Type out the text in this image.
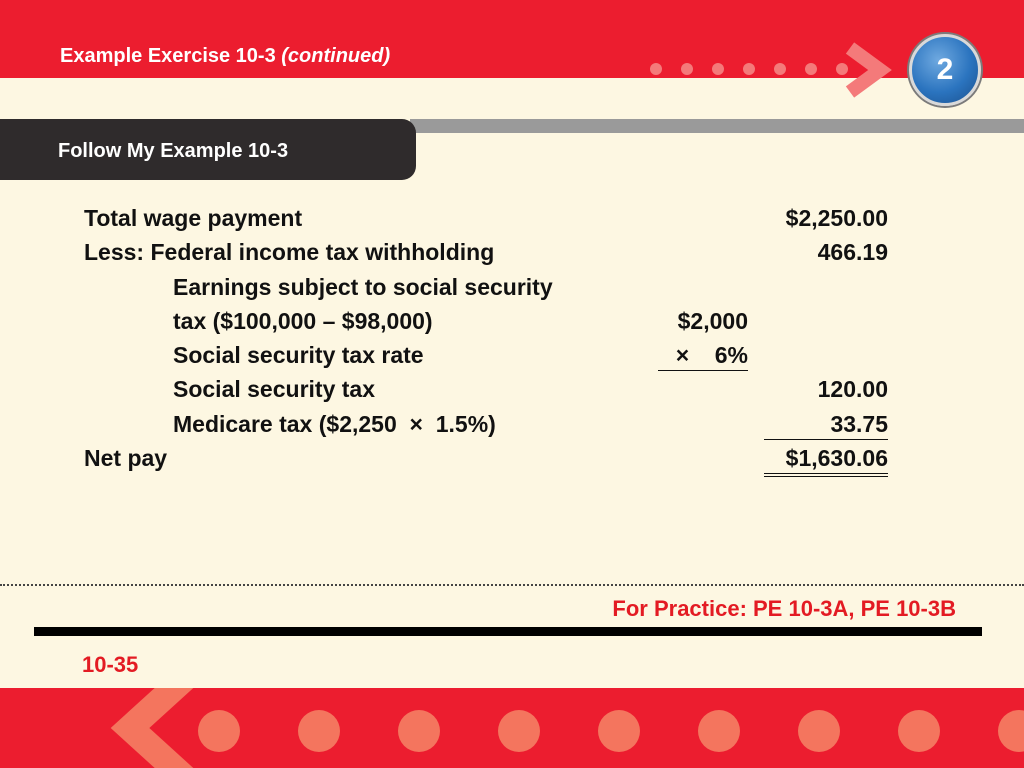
Example Exercise 10-3 (continued)	2
Follow My Example 10-3
Total wage payment	$2,250.00
Less: Federal income tax withholding	466.19
Earnings subject to social security
tax ($100,000 – $98,000)	$2,000
Social security tax rate	×    6%
Social security tax	120.00
Medicare tax ($2,250  ×  1.5%)	33.75
Net pay	$1,630.06
For Practice: PE 10-3A, PE 10-3B
10-35
